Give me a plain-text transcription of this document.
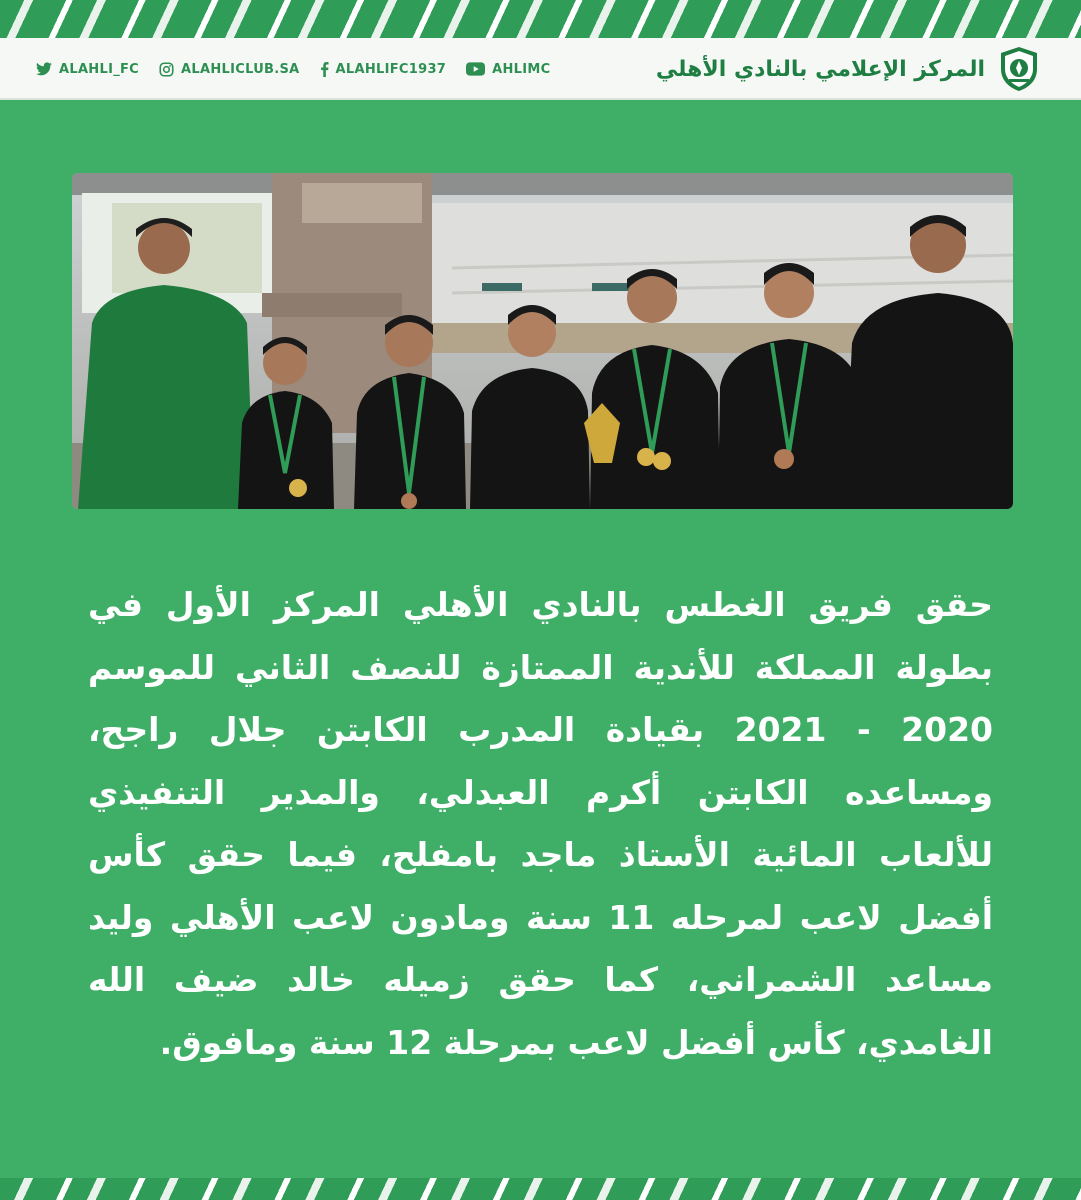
ALAHLI_FC	ALAHLICLUB.SA	ALAHLIFC1937	AHLIMC	المركز الإعلامي بالنادي الأهلي
حقق فريق الغطس بالنادي الأهلي المركز الأول في بطولة المملكة للأندية الممتازة للنصف الثاني للموسم 2020 - 2021 بقيادة المدرب الكابتن جلال راجح، ومساعده الكابتن أكرم العبدلي، والمدير التنفيذي للألعاب المائية الأستاذ ماجد بامفلح، فيما حقق كأس أفضل لاعب لمرحله 11 سنة ومادون لاعب الأهلي وليد مساعد الشمراني، كما حقق زميله خالد ضيف الله الغامدي، كأس أفضل لاعب بمرحلة 12 سنة ومافوق.
